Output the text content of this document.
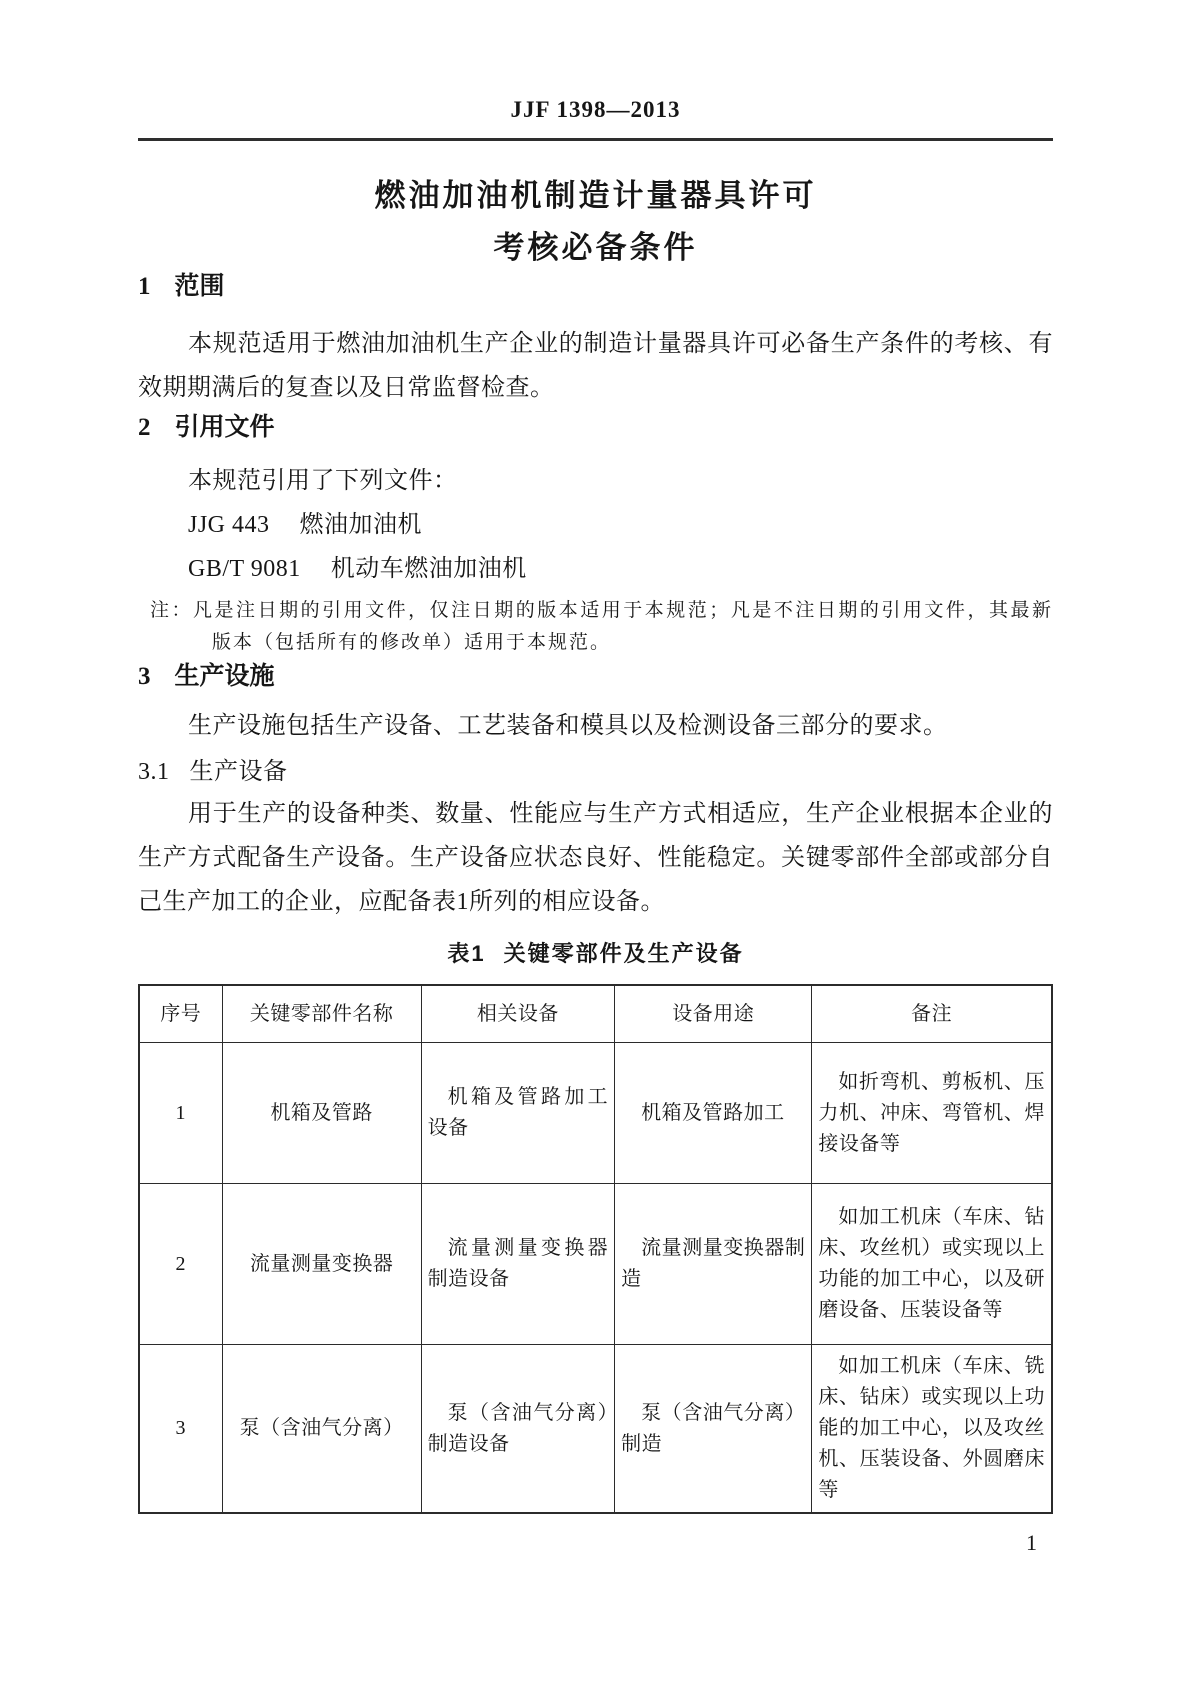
JJF 1398—2013
燃油加油机制造计量器具许可
考核必备条件
1 范围

本规范适用于燃油加油机生产企业的制造计量器具许可必备生产条件的考核、有效期期满后的复查以及日常监督检查。

2 引用文件
本规范引用了下列文件：
JJG 443 燃油加油机
GB/T 9081 机动车燃油加油机

注：凡是注日期的引用文件，仅注日期的版本适用于本规范；凡是不注日期的引用文件，其最新版本（包括所有的修改单）适用于本规范。

3 生产设施

生产设施包括生产设备、工艺装备和模具以及检测设备三部分的要求。

3.1 生产设备

用于生产的设备种类、数量、性能应与生产方式相适应，生产企业根据本企业的生产方式配备生产设备。生产设备应状态良好、性能稳定。关键零部件全部或部分自己生产加工的企业，应配备表1所列的相应设备。

表1 关键零部件及生产设备
序号	关键零部件名称	相关设备	设备用途	备注
1	机箱及管路	机箱及管路加工设备	机箱及管路加工	如折弯机、剪板机、压力机、冲床、弯管机、焊接设备等
2	流量测量变换器	流量测量变换器制造设备	流量测量变换器制造	如加工机床（车床、钻床、攻丝机）或实现以上功能的加工中心，以及研磨设备、压装设备等
3	泵（含油气分离）	泵（含油气分离）制造设备	泵（含油气分离）制造	如加工机床（车床、铣床、钻床）或实现以上功能的加工中心，以及攻丝机、压装设备、外圆磨床等
1
